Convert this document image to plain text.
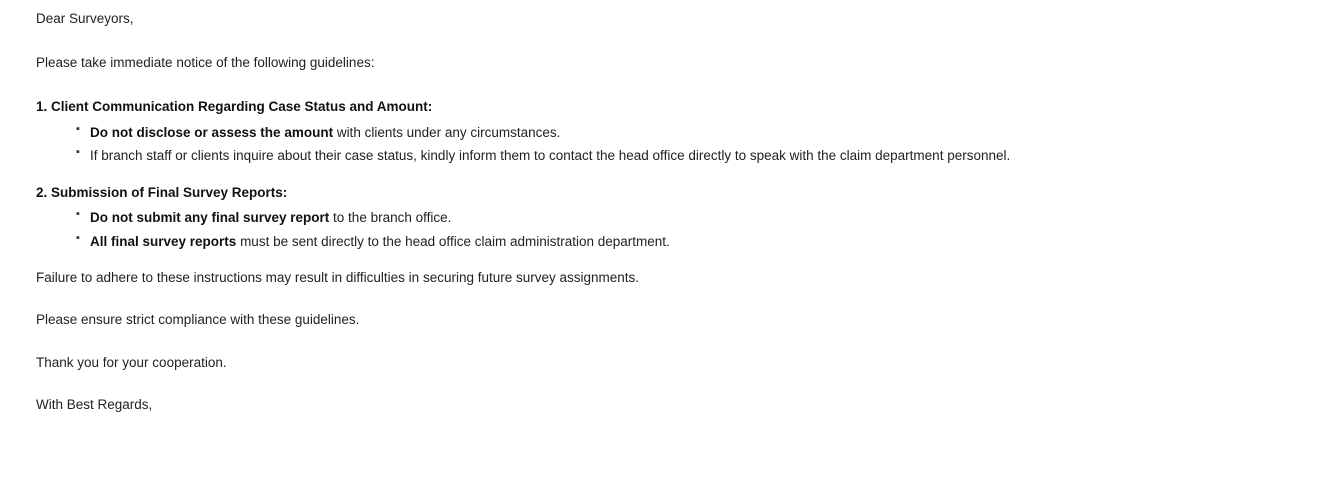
Dear Surveyors,

Please take immediate notice of the following guidelines:

1. Client Communication Regarding Case Status and Amount:

▪ Do not disclose or assess the amount with clients under any circumstances.
▪ If branch staff or clients inquire about their case status, kindly inform them to contact the head office directly to speak with the claim department personnel.

2. Submission of Final Survey Reports:

▪ Do not submit any final survey report to the branch office.
▪ All final survey reports must be sent directly to the head office claim administration department.

Failure to adhere to these instructions may result in difficulties in securing future survey assignments.

Please ensure strict compliance with these guidelines.

Thank you for your cooperation.

With Best Regards,
